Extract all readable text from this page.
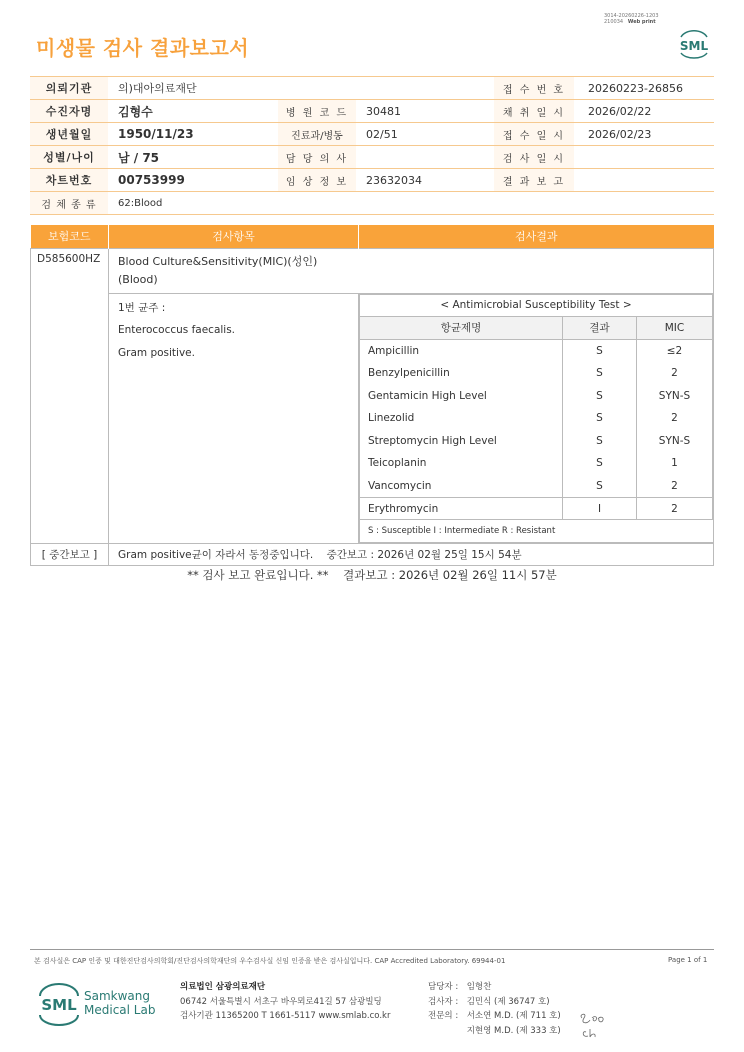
3014-20260226-1203
210034 Web print
미생물 검사 결과보고서	SML
의뢰기관	의)대아의료재단			접 수 번 호	20260223-26856
수진자명	김형수	병 원 코 드	30481	채 취 일 시	2026/02/22
생년월일	1950/11/23	진료과/병동	02/51	접 수 일 시	2026/02/23
성별/나이	남 / 75	담 당 의 사		검 사 일 시	
차트번호	00753999	임 상 정 보	23632034	결 과 보 고	
검 체 종 류	62:Blood				
보험코드	검사항목	검사결과
D585600HZ	Blood Culture&Sensitivity(MIC)(성인)
(Blood)

1번 균주 :
Enterococcus faecalis.
Gram positive.

< Antimicrobial Susceptibility Test >
항균제명	결과	MIC
Ampicillin	S	≤2
Benzylpenicillin	S	2
Gentamicin High Level	S	SYN-S
Linezolid	S	2
Streptomycin High Level	S	SYN-S
Teicoplanin	S	1
Vancomycin	S	2
Erythromycin	I	2
S : Susceptible I : Intermediate R : Resistant

[ 중간보고 ]	Gram positive균이 자라서 동정중입니다.    중간보고 : 2026년 02월 25일 15시 54분
** 검사 보고 완료입니다. **    결과보고 : 2026년 02월 26일 11시 57분
본 검사실은 CAP 인증 및 대한진단검사의학회/진단검사의학재단의 우수검사실 신임 인증을 받은 검사실입니다. CAP Accredited Laboratory. 69944-01	Page 1 of 1
SML Samkwang
Medical Lab
의료법인 삼광의료재단
06742 서울특별시 서초구 바우뫼로41길 57 삼광빌딩
검사기관 11365200 T 1661-5117 www.smlab.co.kr
담당자 : 임형찬
검사자 : 김민식 (제 36747 호)
전문의 : 서소연 M.D. (제 711 호)
지현영 M.D. (제 333 호)
